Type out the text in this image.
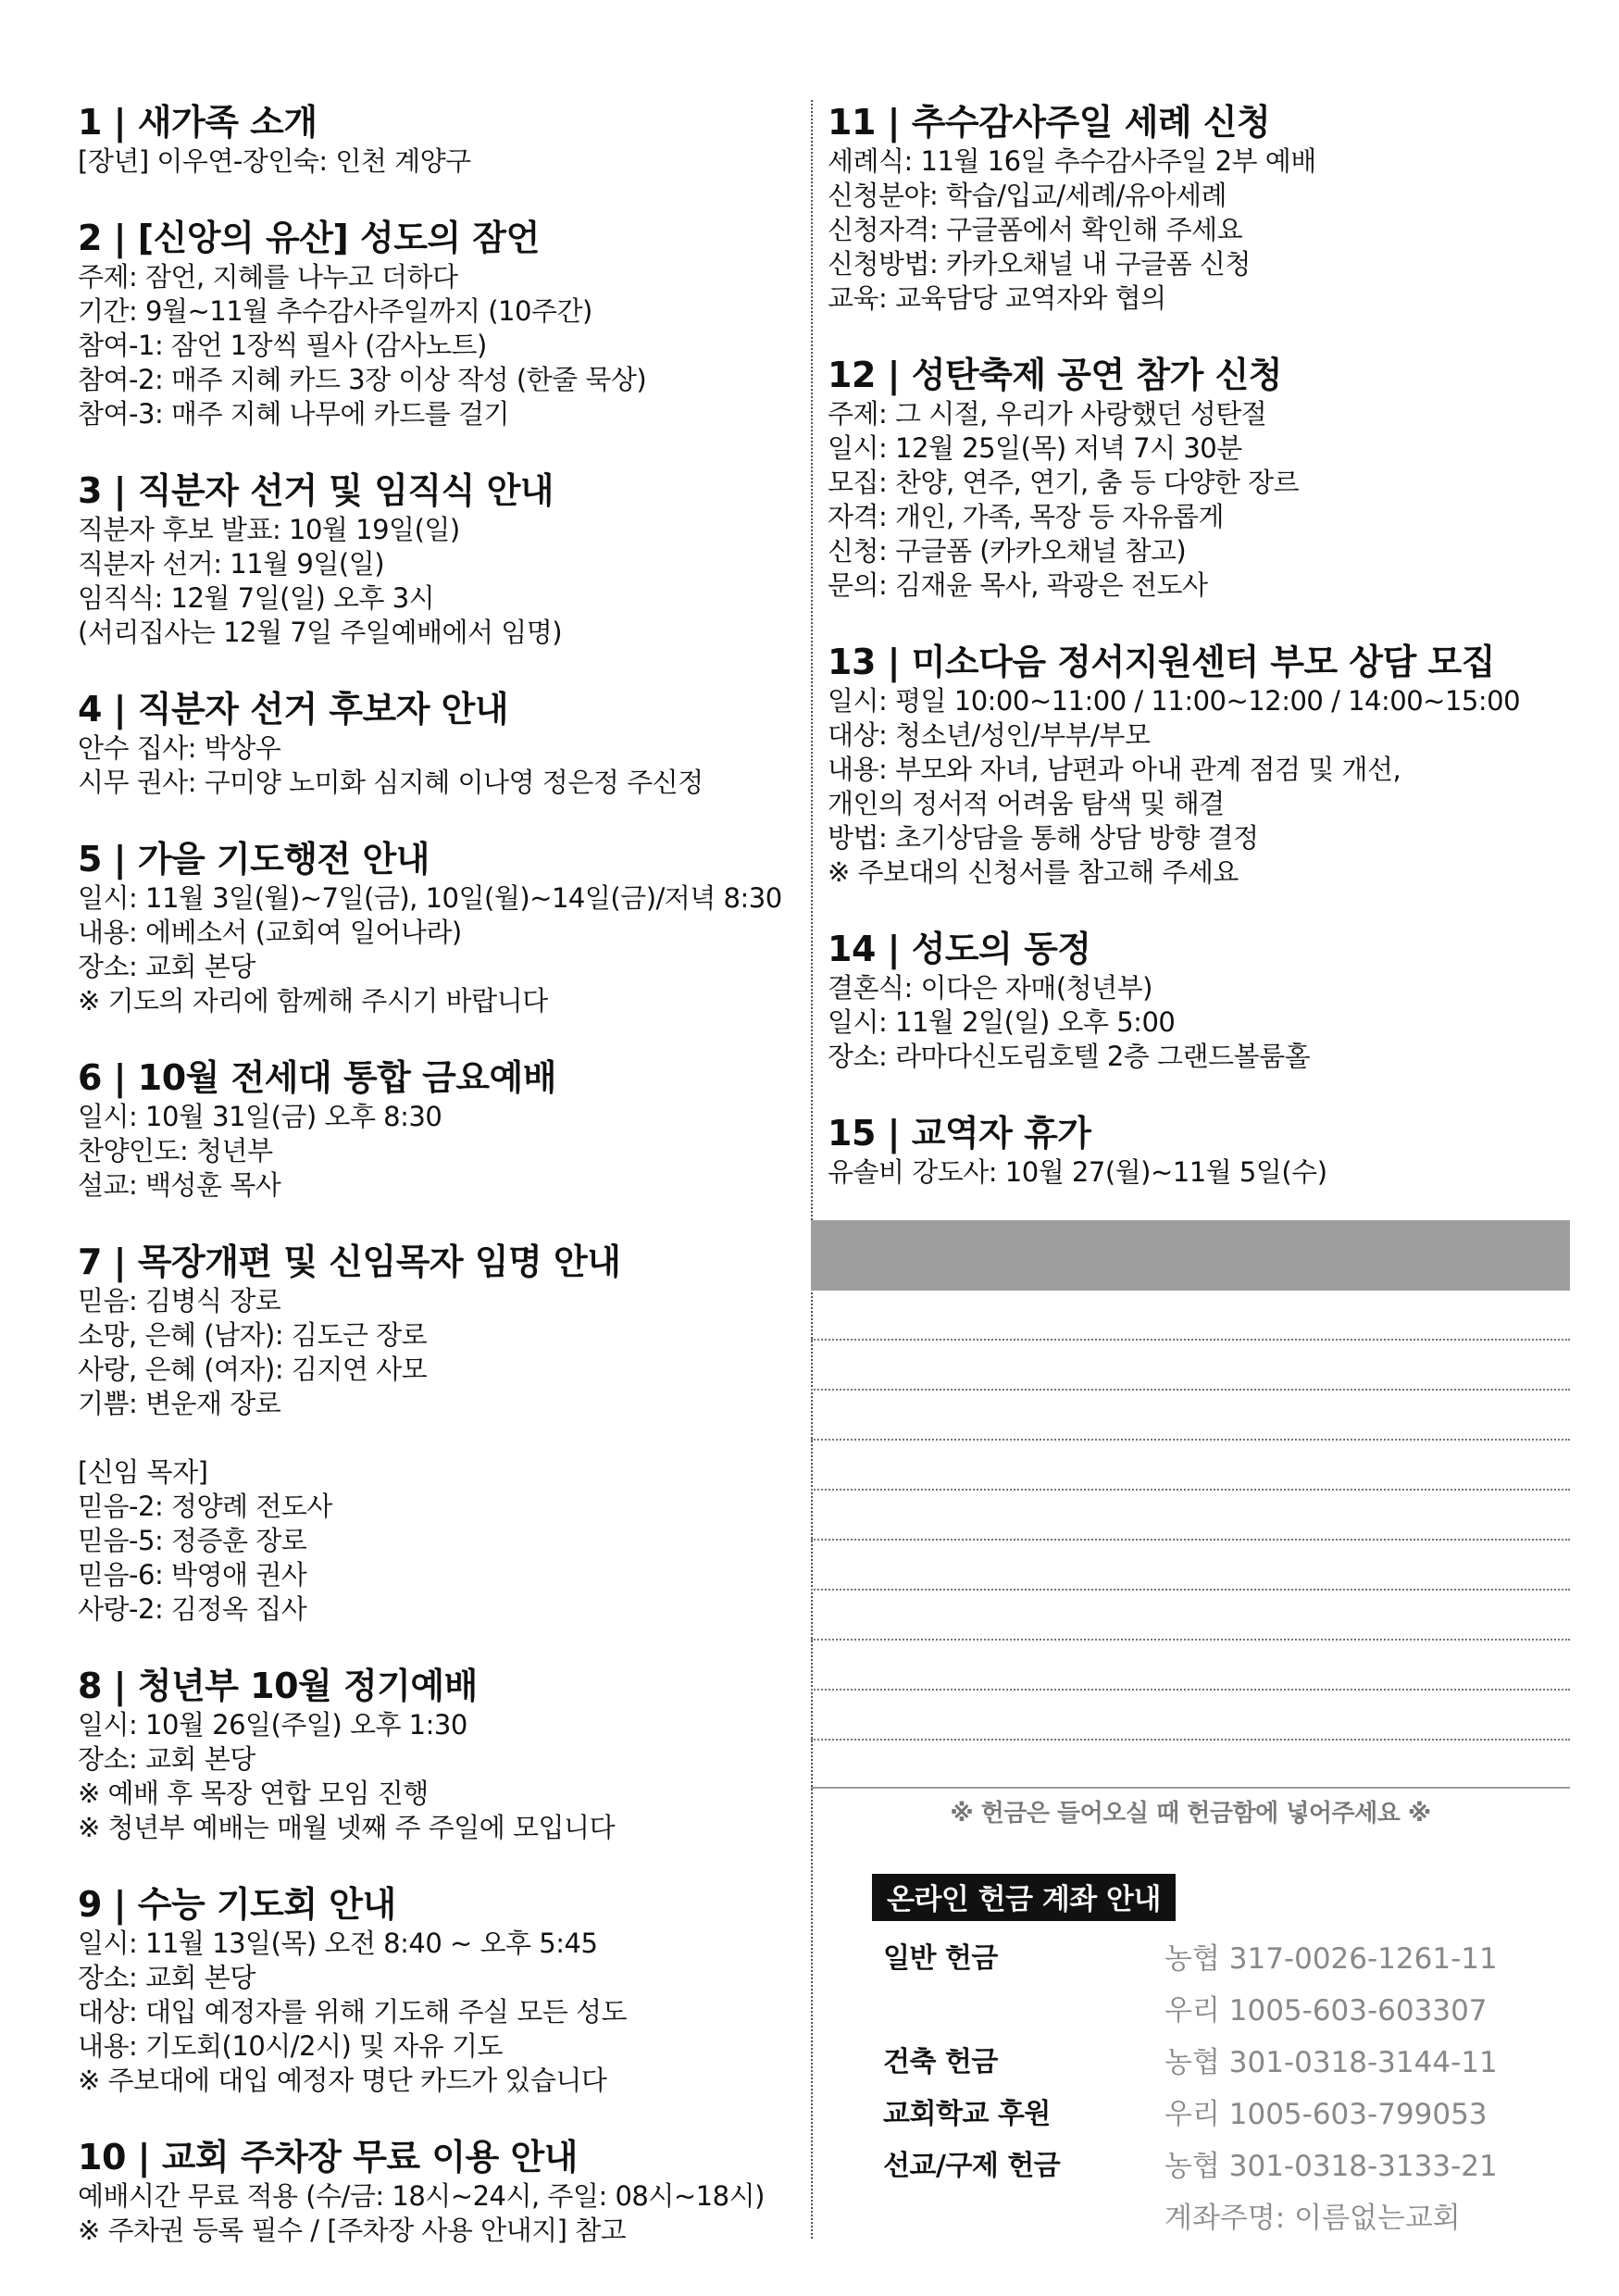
1 | 새가족 소개
[장년] 이우연-장인숙: 인천 계양구
2 | [신앙의 유산] 성도의 잠언
주제: 잠언, 지혜를 나누고 더하다
기간: 9월~11월 추수감사주일까지 (10주간)
참여-1: 잠언 1장씩 필사 (감사노트)
참여-2: 매주 지혜 카드 3장 이상 작성 (한줄 묵상)
참여-3: 매주 지혜 나무에 카드를 걸기
3 | 직분자 선거 및 임직식 안내
직분자 후보 발표: 10월 19일(일)
직분자 선거: 11월 9일(일)
임직식: 12월 7일(일) 오후 3시
(서리집사는 12월 7일 주일예배에서 임명)
4 | 직분자 선거 후보자 안내
안수 집사: 박상우
시무 권사: 구미양 노미화 심지혜 이나영 정은정 주신정
5 | 가을 기도행전 안내
일시: 11월 3일(월)~7일(금), 10일(월)~14일(금)/저녁 8:30
내용: 에베소서 (교회여 일어나라)
장소: 교회 본당
※ 기도의 자리에 함께해 주시기 바랍니다
6 | 10월 전세대 통합 금요예배
일시: 10월 31일(금) 오후 8:30
찬양인도: 청년부
설교: 백성훈 목사
7 | 목장개편 및 신임목자 임명 안내
믿음: 김병식 장로
소망, 은혜 (남자): 김도근 장로
사랑, 은혜 (여자): 김지연 사모
기쁨: 변운재 장로
[신임 목자]
믿음-2: 정양례 전도사
믿음-5: 정증훈 장로
믿음-6: 박영애 권사
사랑-2: 김정옥 집사
8 | 청년부 10월 정기예배
일시: 10월 26일(주일) 오후 1:30
장소: 교회 본당
※ 예배 후 목장 연합 모임 진행
※ 청년부 예배는 매월 넷째 주 주일에 모입니다
9 | 수능 기도회 안내
일시: 11월 13일(목) 오전 8:40 ~ 오후 5:45
장소: 교회 본당
대상: 대입 예정자를 위해 기도해 주실 모든 성도
내용: 기도회(10시/2시) 및 자유 기도
※ 주보대에 대입 예정자 명단 카드가 있습니다
10 | 교회 주차장 무료 이용 안내
예배시간 무료 적용 (수/금: 18시~24시, 주일: 08시~18시)
※ 주차권 등록 필수 / [주차장 사용 안내지] 참고
11 | 추수감사주일 세례 신청
세례식: 11월 16일 추수감사주일 2부 예배
신청분야: 학습/입교/세례/유아세례
신청자격: 구글폼에서 확인해 주세요
신청방법: 카카오채널 내 구글폼 신청
교육: 교육담당 교역자와 협의
12 | 성탄축제 공연 참가 신청
주제: 그 시절, 우리가 사랑했던 성탄절
일시: 12월 25일(목) 저녁 7시 30분
모집: 찬양, 연주, 연기, 춤 등 다양한 장르
자격: 개인, 가족, 목장 등 자유롭게
신청: 구글폼 (카카오채널 참고)
문의: 김재윤 목사, 곽광은 전도사
13 | 미소다음 정서지원센터 부모 상담 모집
일시: 평일 10:00~11:00 / 11:00~12:00 / 14:00~15:00
대상: 청소년/성인/부부/부모
내용: 부모와 자녀, 남편과 아내 관계 점검 및 개선,
개인의 정서적 어려움 탐색 및 해결
방법: 초기상담을 통해 상담 방향 결정
※ 주보대의 신청서를 참고해 주세요
14 | 성도의 동정
결혼식: 이다은 자매(청년부)
일시: 11월 2일(일) 오후 5:00
장소: 라마다신도림호텔 2층 그랜드볼룸홀
15 | 교역자 휴가
유솔비 강도사: 10월 27(월)~11월 5일(수)
※ 헌금은 들어오실 때 헌금함에 넣어주세요 ※
온라인 헌금 계좌 안내
일반 헌금	농협 317-0026-1261-11
우리 1005-603-603307
건축 헌금	농협 301-0318-3144-11
교회학교 후원	우리 1005-603-799053
선교/구제 헌금	농협 301-0318-3133-21
계좌주명: 이름없는교회
